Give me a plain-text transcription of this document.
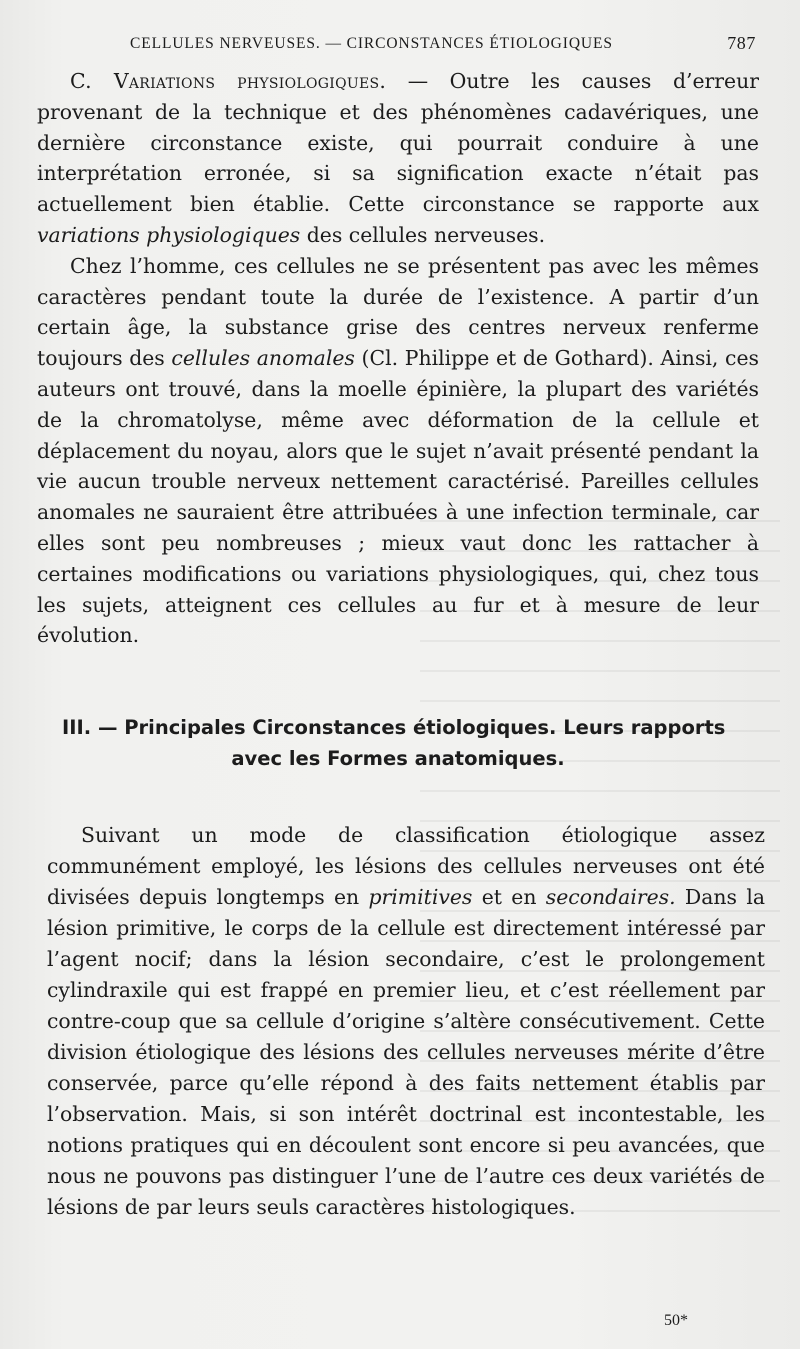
CELLULES NERVEUSES. — CIRCONSTANCES ÉTIOLOGIQUES	787

C. Variations physiologiques. — Outre les causes d’erreur provenant de la technique et des phénomènes cadavériques, une dernière circonstance existe, qui pourrait conduire à une interprétation erronée, si sa signification exacte n’était pas actuellement bien établie. Cette circonstance se rapporte aux variations physiologiques des cellules nerveuses.

Chez l’homme, ces cellules ne se présentent pas avec les mêmes caractères pendant toute la durée de l’existence. A partir d’un certain âge, la substance grise des centres nerveux renferme toujours des cellules anomales (Cl. Philippe et de Gothard). Ainsi, ces auteurs ont trouvé, dans la moelle épinière, la plupart des variétés de la chromatolyse, même avec déformation de la cellule et déplacement du noyau, alors que le sujet n’avait présenté pendant la vie aucun trouble nerveux nettement caractérisé. Pareilles cellules anomales ne sauraient être attribuées à une infection terminale, car elles sont peu nombreuses ; mieux vaut donc les rattacher à certaines modifications ou variations physiologiques, qui, chez tous les sujets, atteignent ces cellules au fur et à mesure de leur évolution.

III. — Principales Circonstances étiologiques. Leurs rapports
avec les Formes anatomiques.

Suivant un mode de classification étiologique assez communément employé, les lésions des cellules nerveuses ont été divisées depuis longtemps en primitives et en secondaires. Dans la lésion primitive, le corps de la cellule est directement intéressé par l’agent nocif; dans la lésion secondaire, c’est le prolongement cylindraxile qui est frappé en premier lieu, et c’est réellement par contre-coup que sa cellule d’origine s’altère consécutivement. Cette division étiologique des lésions des cellules nerveuses mérite d’être conservée, parce qu’elle répond à des faits nettement établis par l’observation. Mais, si son intérêt doctrinal est incontestable, les notions pratiques qui en découlent sont encore si peu avancées, que nous ne pouvons pas distinguer l’une de l’autre ces deux variétés de lésions de par leurs seuls caractères histologiques.

50*
